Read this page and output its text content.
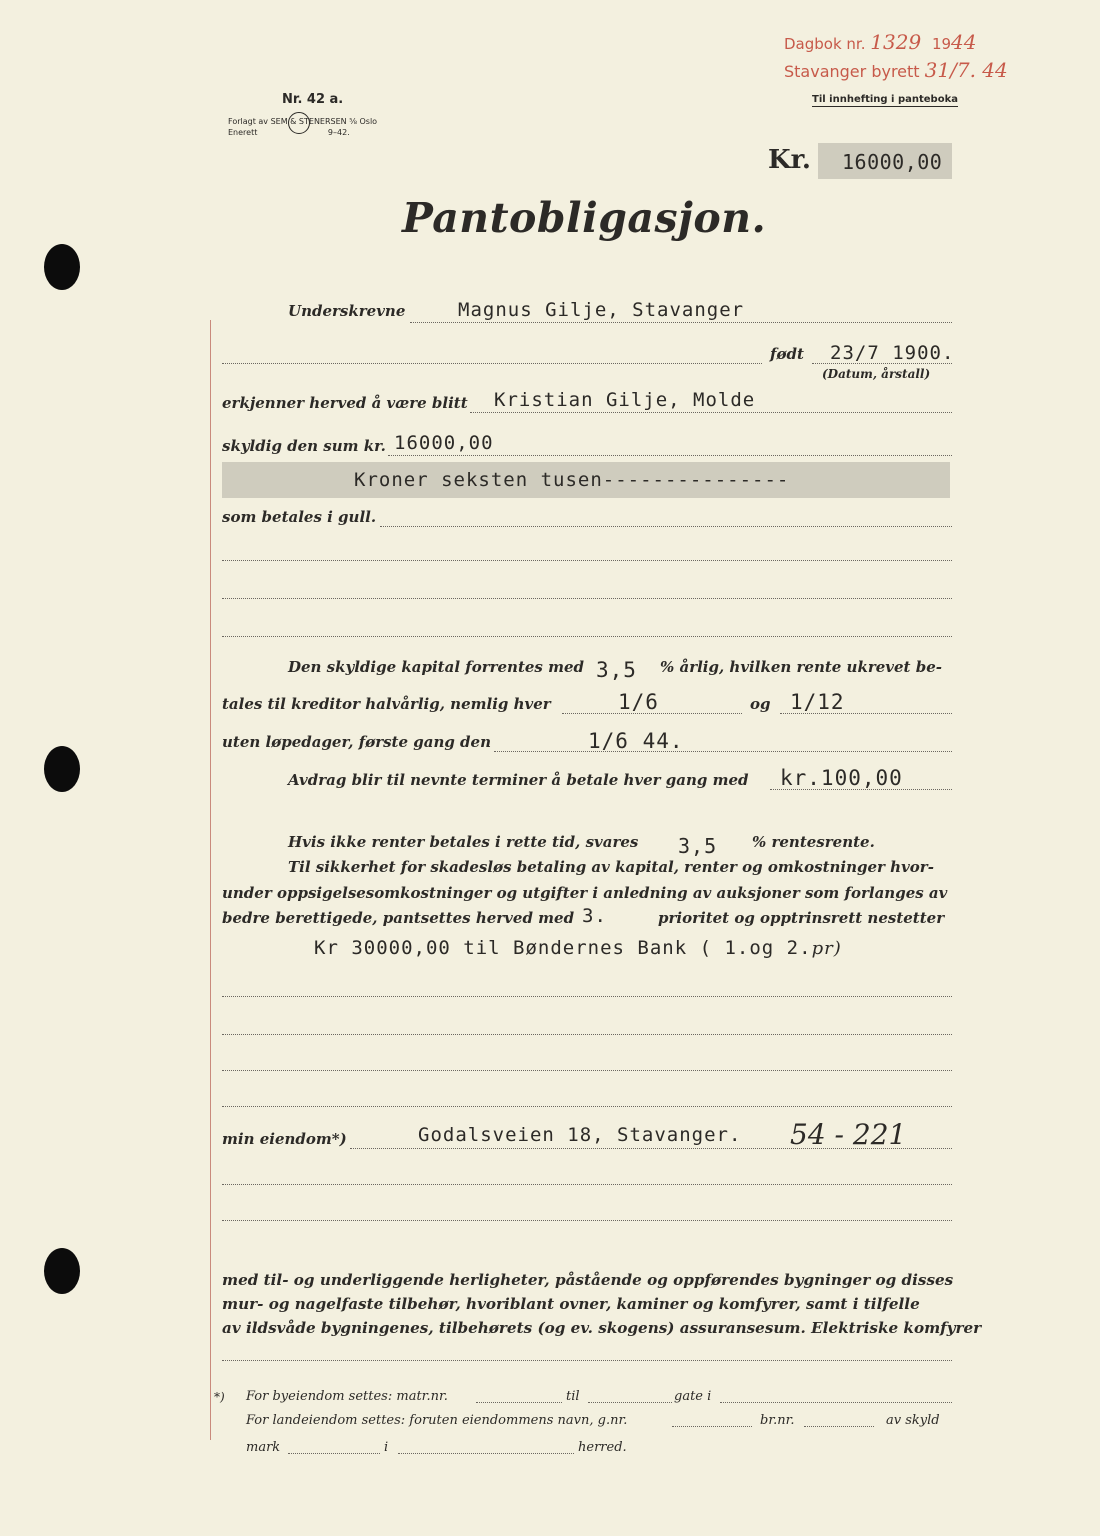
Dagbok nr. 1329 1944
Stavanger byrett 31/7. 44
Nr. 42 a.
Forlagt av SEM & STENERSEN ⅝ Oslo
Enerett	9–42.
Til innhefting i panteboka
Kr. 16000,00
Pantobligasjon.
Underskrevne	Magnus Gilje, Stavanger
født 23/7 1900.
(Datum, årstall)
erkjenner herved å være blitt Kristian Gilje, Molde
skyldig den sum kr. 16000,00
Kroner seksten tusen---------------
som betales i gull.
Den skyldige kapital forrentes med 3,5 % årlig, hvilken rente ukrevet be-
tales til kreditor halvårlig, nemlig hver	1/6	og 1/12
uten løpedager, første gang den	1/6 44.
Avdrag blir til nevnte terminer å betale hver gang med kr.100,00
Hvis ikke renter betales i rette tid, svares 3,5 % rentesrente.
Til sikkerhet for skadesløs betaling av kapital, renter og omkostninger hvor-
under oppsigelsesomkostninger og utgifter i anledning av auksjoner som forlanges av
bedre berettigede, pantsettes herved med 3.	prioritet og opptrinsrett nestetter
Kr 30000,00 til Bøndernes Bank ( 1.og 2.pr)
min eiendom*)	Godalsveien 18, Stavanger. 54 - 221
med til- og underliggende herligheter, påstående og oppførendes bygninger og disses
mur- og nagelfaste tilbehør, hvoriblant ovner, kaminer og komfyrer, samt i tilfelle
av ildsvåde bygningenes, tilbehørets (og ev. skogens) assuransesum. Elektriske komfyrer
*) For byeiendom settes: matr.nr.	til	gate i
For landeiendom settes: foruten eiendommens navn, g.nr.	br.nr.	av skyld
mark	i	herred.
